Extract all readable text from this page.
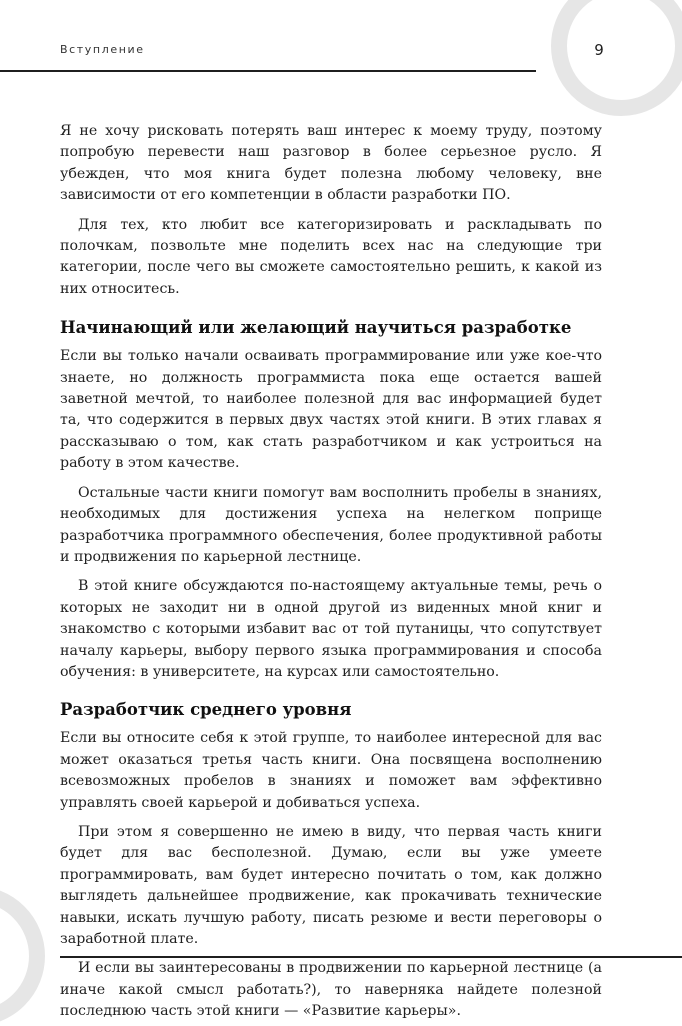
Вступление	9

Я не хочу рисковать потерять ваш интерес к моему труду, поэтому попробую перевести наш разговор в более серьезное русло. Я убежден, что моя книга будет полезна любому человеку, вне зависимости от его компетенции в области разработки ПО.

Для тех, кто любит все категоризировать и раскладывать по полочкам, позвольте мне поделить всех нас на следующие три категории, после чего вы сможете самостоятельно решить, к какой из них относитесь.

Начинающий или желающий научиться разработке

Если вы только начали осваивать программирование или уже кое-что знаете, но должность программиста пока еще остается вашей заветной мечтой, то наиболее полезной для вас информацией будет та, что содержится в первых двух частях этой книги. В этих главах я рассказываю о том, как стать разработчиком и как устроиться на работу в этом качестве.

Остальные части книги помогут вам восполнить пробелы в знаниях, необходимых для достижения успеха на нелегком поприще разработчика программного обеспечения, более продуктивной работы и продвижения по карьерной лестнице.

В этой книге обсуждаются по-настоящему актуальные темы, речь о которых не заходит ни в одной другой из виденных мной книг и знакомство с которыми избавит вас от той путаницы, что сопутствует началу карьеры, выбору первого языка программирования и способа обучения: в университете, на курсах или самостоятельно.

Разработчик среднего уровня

Если вы относите себя к этой группе, то наиболее интересной для вас может оказаться третья часть книги. Она посвящена восполнению всевозможных пробелов в знаниях и поможет вам эффективно управлять своей карьерой и добиваться успеха.

При этом я совершенно не имею в виду, что первая часть книги будет для вас бесполезной. Думаю, если вы уже умеете программировать, вам будет интересно почитать о том, как должно выглядеть дальнейшее продвижение, как прокачивать технические навыки, искать лучшую работу, писать резюме и вести переговоры о заработной плате.

И если вы заинтересованы в продвижении по карьерной лестнице (а иначе какой смысл работать?), то наверняка найдете полезной последнюю часть этой книги — «Развитие карьеры».
